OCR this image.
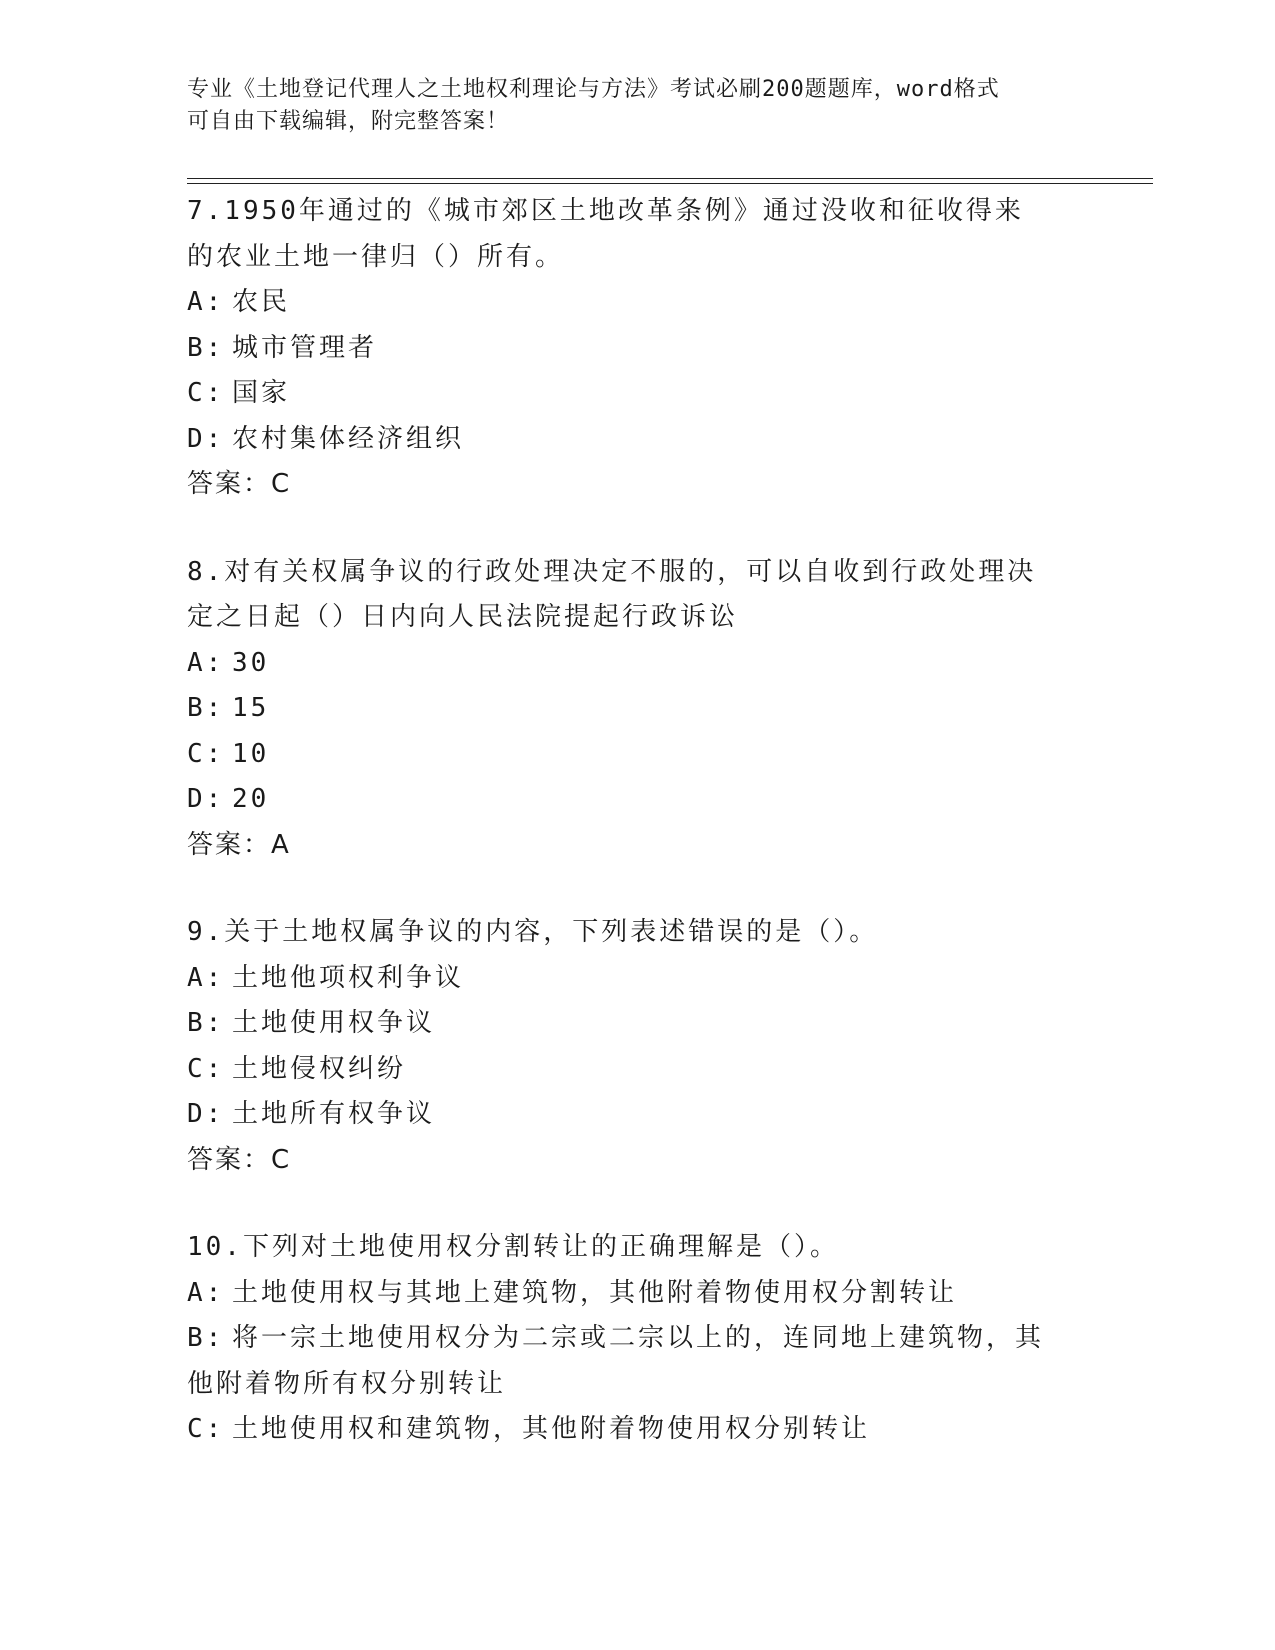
专业《土地登记代理人之土地权利理论与方法》考试必刷200题题库，word格式
可自由下载编辑，附完整答案！
7.1950年通过的《城市郊区土地改革条例》通过没收和征收得来的农业土地一律归（）所有。
A: 农民
B: 城市管理者
C: 国家
D: 农村集体经济组织
答案：C
8.对有关权属争议的行政处理决定不服的，可以自收到行政处理决定之日起（）日内向人民法院提起行政诉讼
A: 30
B: 15
C: 10
D: 20
答案：A
9.关于土地权属争议的内容，下列表述错误的是（）。
A: 土地他项权利争议
B: 土地使用权争议
C: 土地侵权纠纷
D: 土地所有权争议
答案：C
10.下列对土地使用权分割转让的正确理解是（）。
A: 土地使用权与其地上建筑物，其他附着物使用权分割转让
B: 将一宗土地使用权分为二宗或二宗以上的，连同地上建筑物，其他附着物所有权分别转让
C: 土地使用权和建筑物，其他附着物使用权分别转让
